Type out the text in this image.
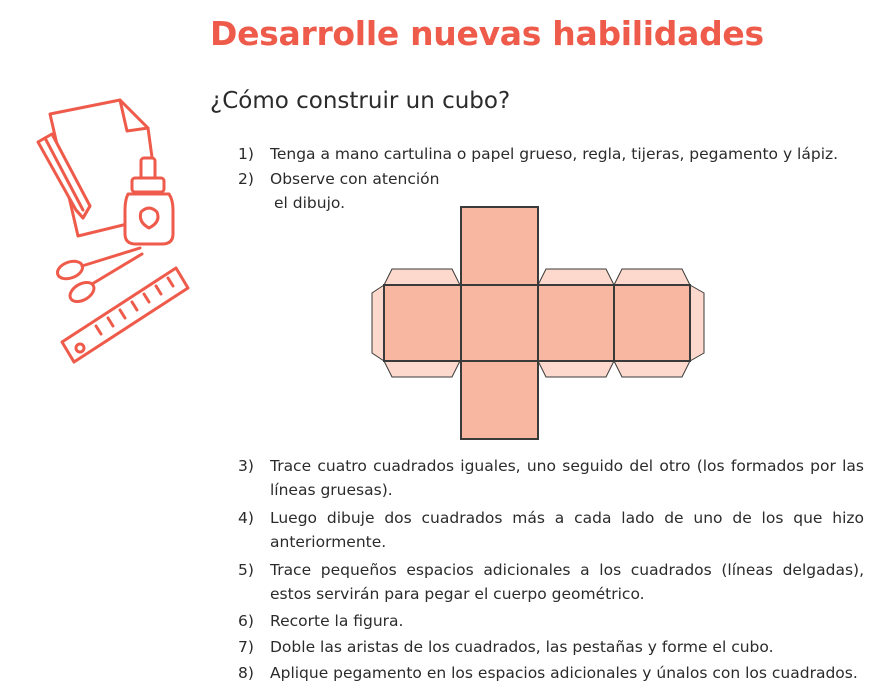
Desarrolle nuevas habilidades
¿Cómo construir un cubo?
1) Tenga a mano cartulina o papel grueso, regla, tijeras, pegamento y lápiz.
2) Observe con atención
el dibujo.
3) Trace cuatro cuadrados iguales, uno seguido del otro (los formados por las líneas gruesas).
4) Luego dibuje dos cuadrados más a cada lado de uno de los que hizo anteriormente.
5) Trace pequeños espacios adicionales a los cuadrados (líneas delgadas), estos servirán para pegar el cuerpo geométrico.
6) Recorte la figura.
7) Doble las aristas de los cuadrados, las pestañas y forme el cubo.
8) Aplique pegamento en los espacios adicionales y únalos con los cuadrados.
